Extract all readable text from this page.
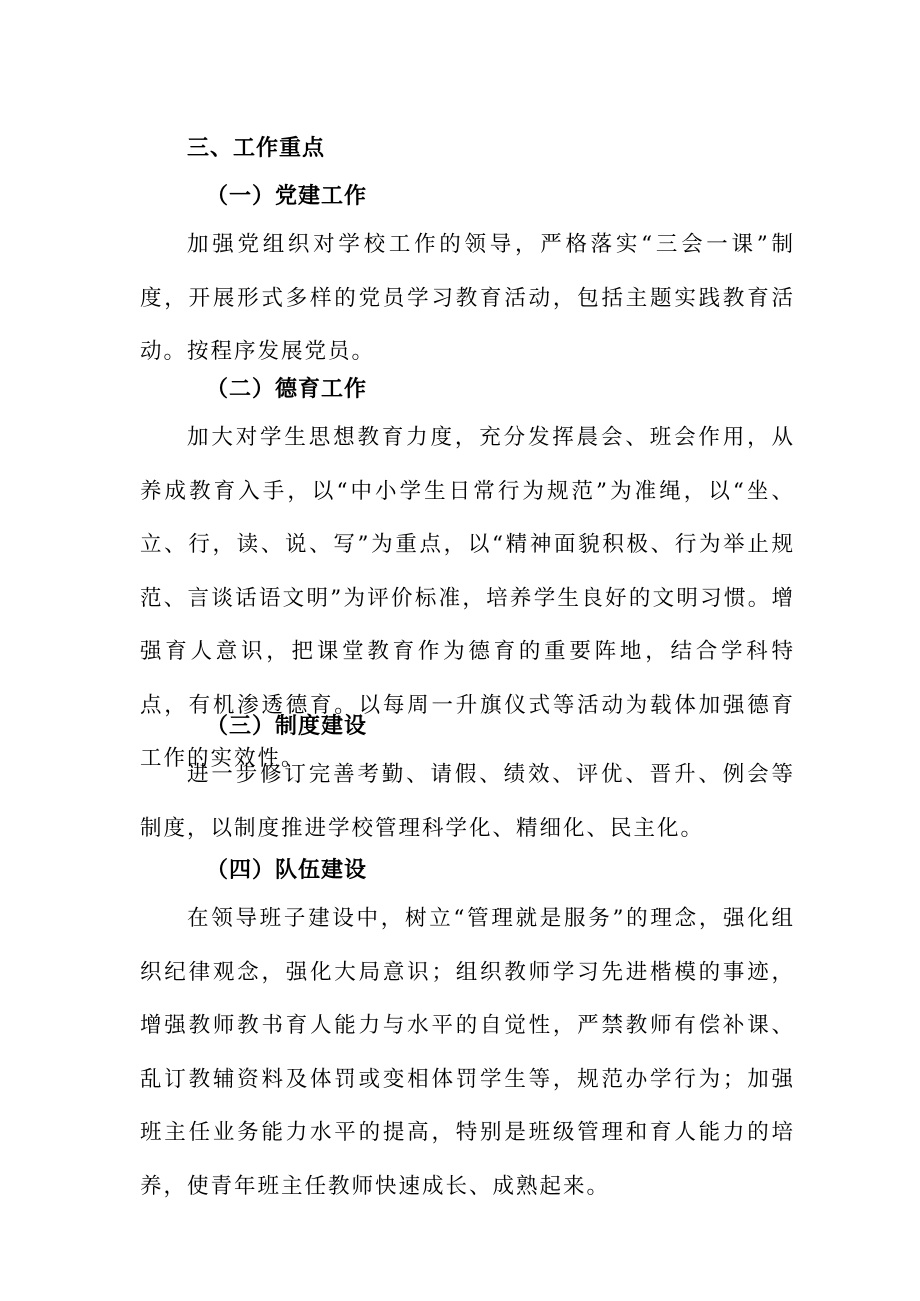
三、工作重点
（一）党建工作
加强党组织对学校工作的领导，严格落实“三会一课”制度，开展形式多样的党员学习教育活动，包括主题实践教育活动。按程序发展党员。
（二）德育工作
加大对学生思想教育力度，充分发挥晨会、班会作用，从养成教育入手，以“中小学生日常行为规范”为准绳，以“坐、立、行，读、说、写”为重点，以“精神面貌积极、行为举止规范、言谈话语文明”为评价标准，培养学生良好的文明习惯。增强育人意识，把课堂教育作为德育的重要阵地，结合学科特点，有机渗透德育。以每周一升旗仪式等活动为载体加强德育工作的实效性。
（三）制度建设
进一步修订完善考勤、请假、绩效、评优、晋升、例会等制度，以制度推进学校管理科学化、精细化、民主化。
（四）队伍建设
在领导班子建设中，树立“管理就是服务”的理念，强化组织纪律观念，强化大局意识；组织教师学习先进楷模的事迹，增强教师教书育人能力与水平的自觉性，严禁教师有偿补课、乱订教辅资料及体罚或变相体罚学生等，规范办学行为；加强班主任业务能力水平的提高，特别是班级管理和育人能力的培养，使青年班主任教师快速成长、成熟起来。
